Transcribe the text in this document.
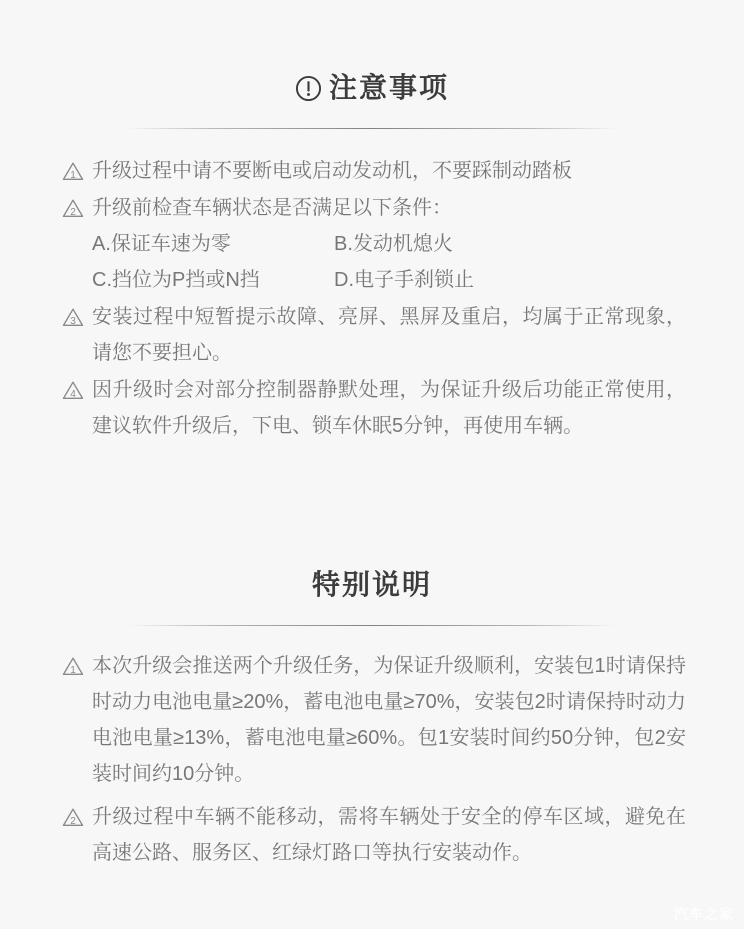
注意事项
1 升级过程中请不要断电或启动发动机，不要踩制动踏板
2 升级前检查车辆状态是否满足以下条件：
A.保证车速为零	B.发动机熄火
C.挡位为P挡或N挡	D.电子手刹锁止
3 安装过程中短暂提示故障、亮屏、黑屏及重启，均属于正常现象，请您不要担心。
4 因升级时会对部分控制器静默处理，为保证升级后功能正常使用，建议软件升级后，下电、锁车休眠5分钟，再使用车辆。
特别说明
1 本次升级会推送两个升级任务，为保证升级顺利，安装包1时请保持时动力电池电量≥20%，蓄电池电量≥70%，安装包2时请保持时动力电池电量≥13%，蓄电池电量≥60%。包1安装时间约50分钟，包2安装时间约10分钟。
2 升级过程中车辆不能移动，需将车辆处于安全的停车区域，避免在高速公路、服务区、红绿灯路口等执行安装动作。
汽车之家
